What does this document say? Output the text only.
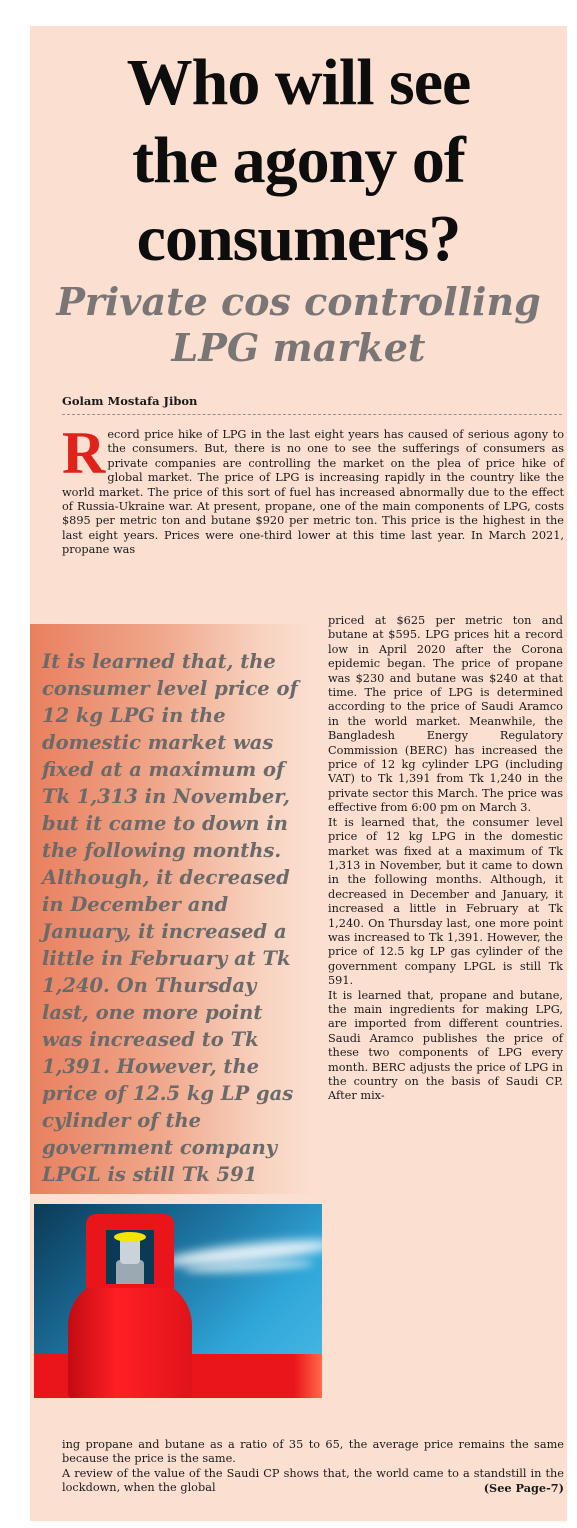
Who will see
the agony of
consumers?
Private cos controlling
LPG market
Golam Mostafa Jibon

Record price hike of LPG in the last eight years has caused of serious agony to the consumers. But, there is no one to see the sufferings of consumers as private companies are controlling the market on the plea of price hike of global market. The price of LPG is increasing rapidly in the country like the world market. The price of this sort of fuel has increased abnormally due to the effect of Russia-Ukraine war. At present, propane, one of the main components of LPG, costs $895 per metric ton and butane $920 per metric ton. This price is the highest in the last eight years. Prices were one-third lower at this time last year. In March 2021, propane was

It is learned that, the consumer level price of 12 kg LPG in the domestic market was fixed at a maximum of Tk 1,313 in November, but it came to down in the following months. Although, it decreased in December and January, it increased a little in February at Tk 1,240. On Thursday last, one more point was increased to Tk 1,391. However, the price of 12.5 kg LP gas cylinder of the government company LPGL is still Tk 591

priced at $625 per metric ton and butane at $595. LPG prices hit a record low in April 2020 after the Corona epidemic began. The price of propane was $230 and butane was $240 at that time. The price of LPG is determined according to the price of Saudi Aramco in the world market. Meanwhile, the Bangladesh Energy Regulatory Commission (BERC) has increased the price of 12 kg cylinder LPG (including VAT) to Tk 1,391 from Tk 1,240 in the private sector this March. The price was effective from 6:00 pm on March 3.

It is learned that, the consumer level price of 12 kg LPG in the domestic market was fixed at a maximum of Tk 1,313 in November, but it came to down in the following months. Although, it decreased in December and January, it increased a little in February at Tk 1,240. On Thursday last, one more point was increased to Tk 1,391. However, the price of 12.5 kg LP gas cylinder of the government company LPGL is still Tk 591.

It is learned that, propane and butane, the main ingredients for making LPG, are imported from different countries. Saudi Aramco publishes the price of these two components of LPG every month. BERC adjusts the price of LPG in the country on the basis of Saudi CP. After mix-

ing propane and butane as a ratio of 35 to 65, the average price remains the same because the price is the same.

A review of the value of the Saudi CP shows that, the world came to a standstill in the lockdown, when the global	(See Page-7)
